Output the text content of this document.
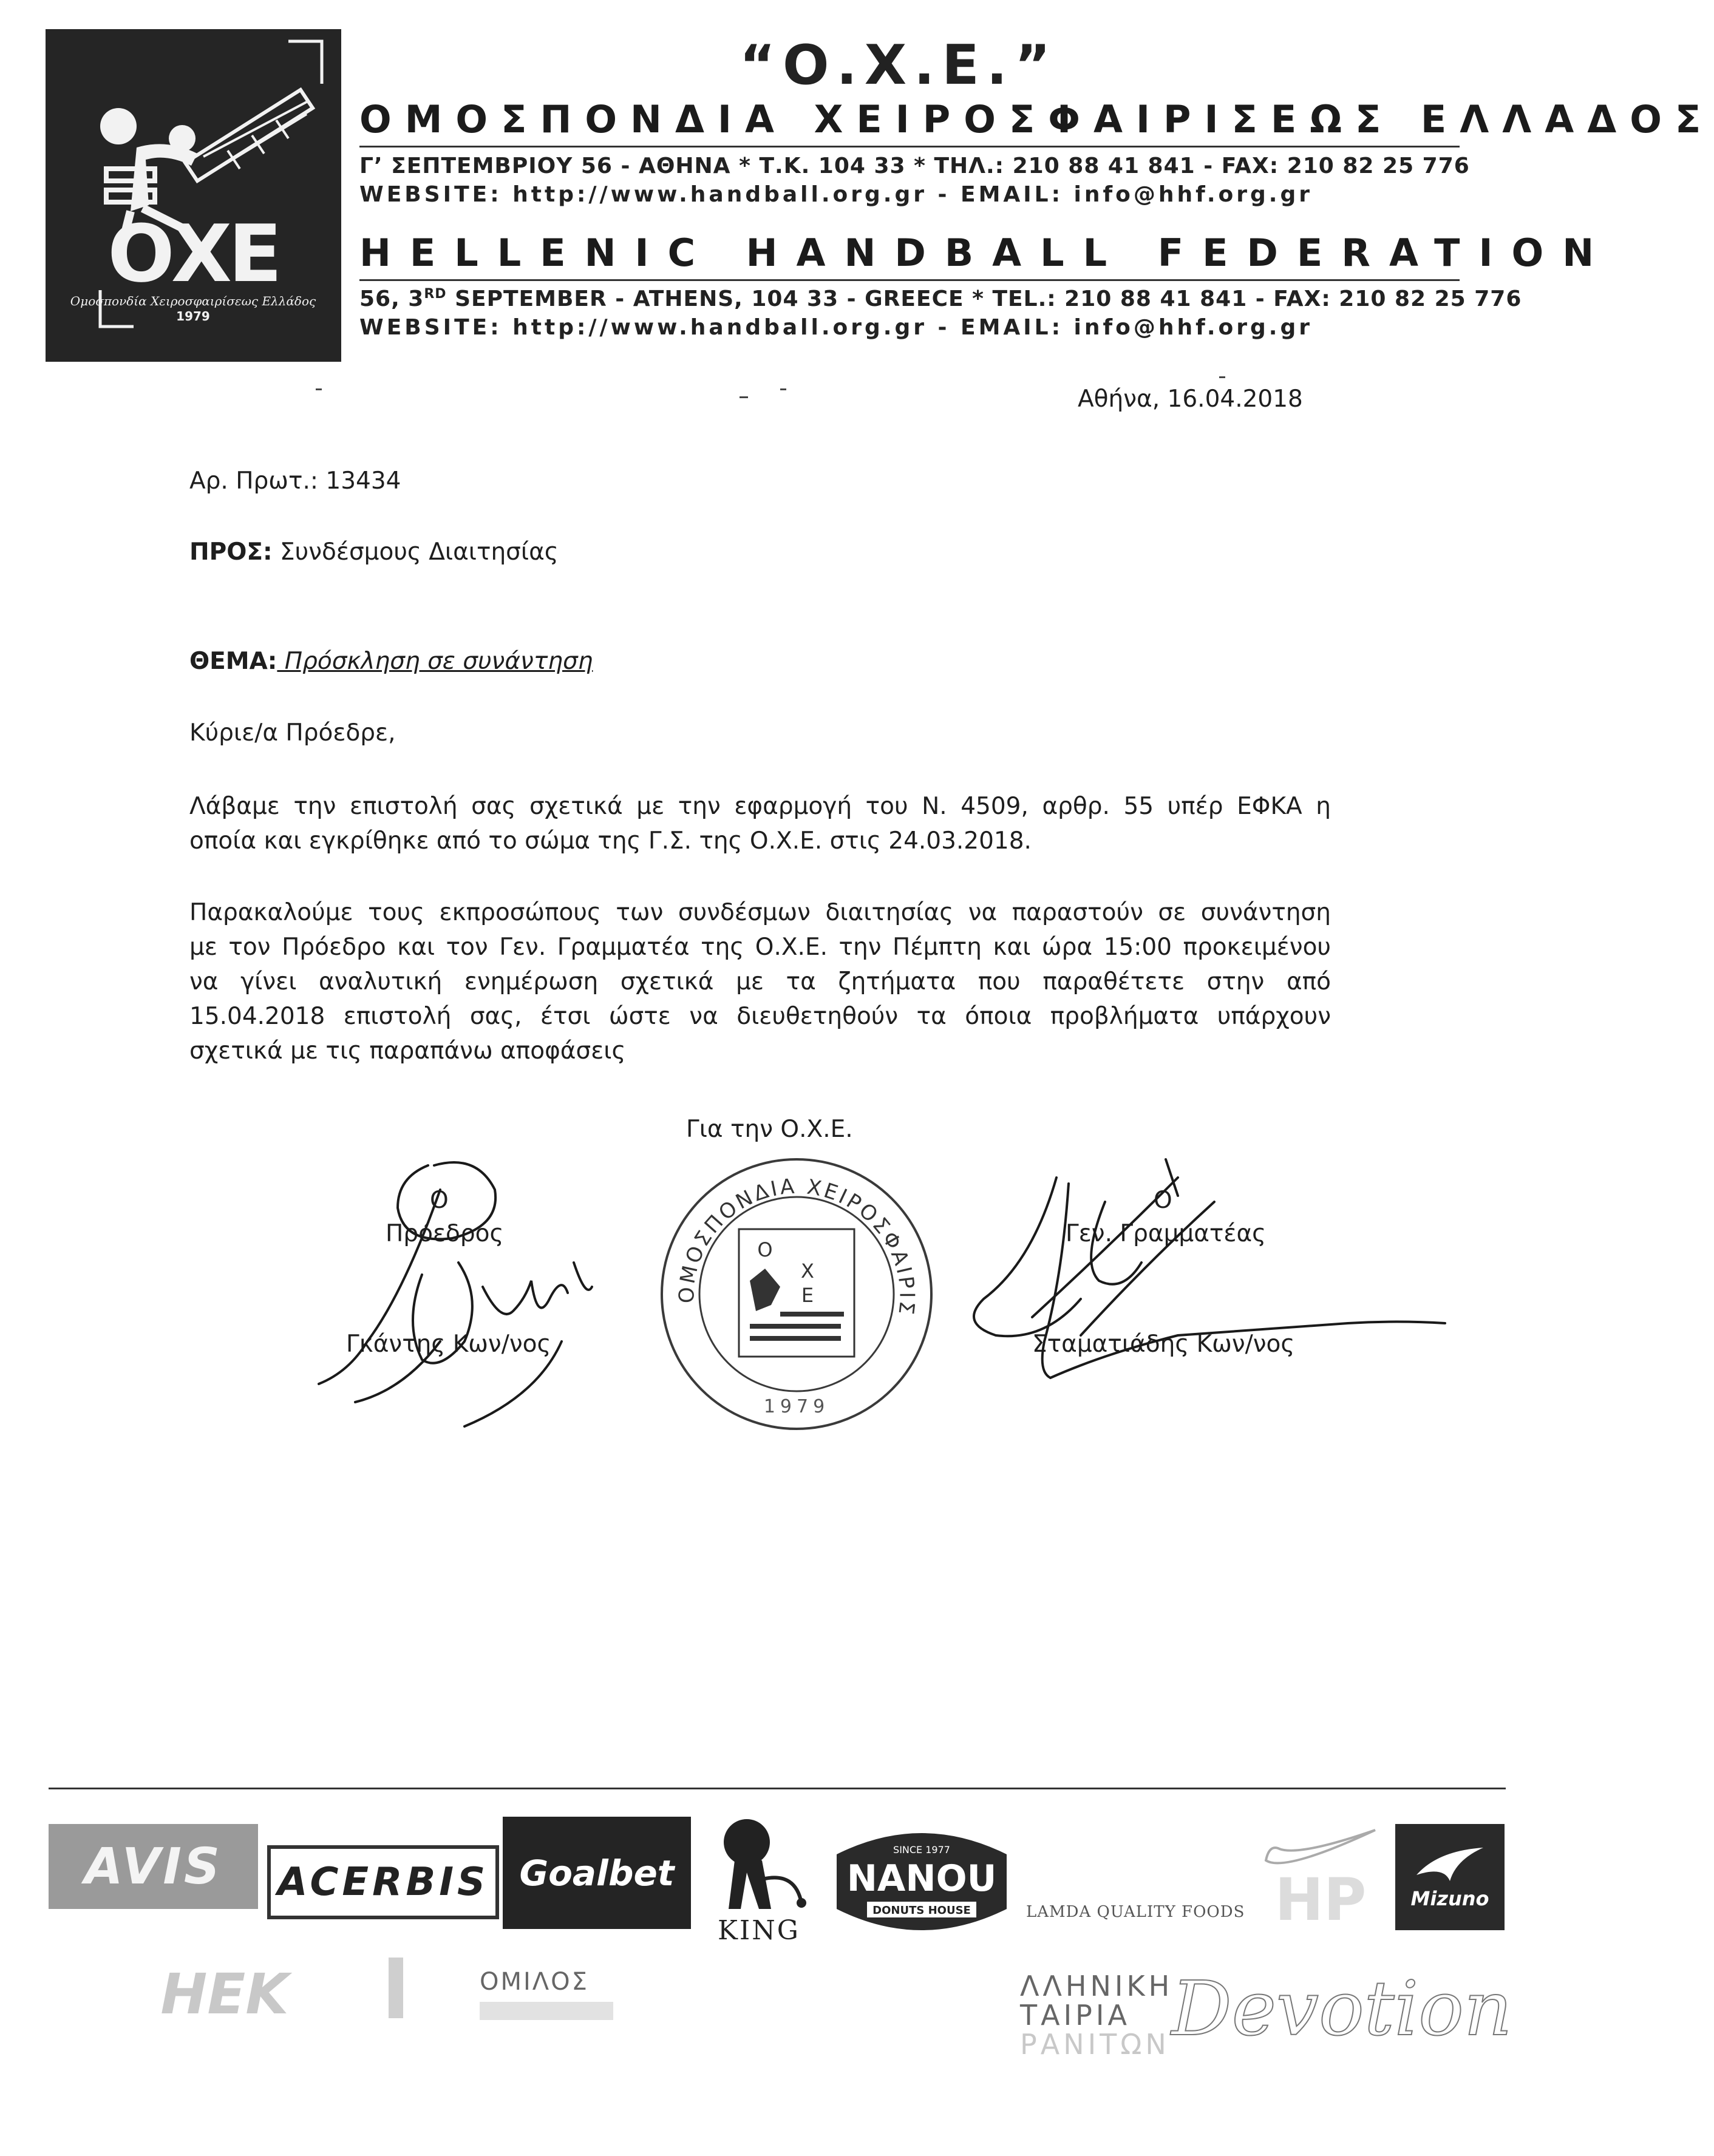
ΟΧΕ
Ομοσπονδία Χειροσφαιρίσεως Ελλάδος
1979
“Ο.Χ.Ε.”
ΟΜΟΣΠΟΝΔΙΑ ΧΕΙΡΟΣΦΑΙΡΙΣΕΩΣ ΕΛΛΑΔΟΣ
Γ’ ΣΕΠΤΕΜΒΡΙΟΥ 56 - ΑΘΗΝΑ * Τ.Κ. 104 33 * ΤΗΛ.: 210 88 41 841 - FAX: 210 82 25 776
WEBSITE: http://www.handball.org.gr - EMAIL: info@hhf.org.gr
HELLENIC HANDBALL FEDERATION
56, 3RD SEPTEMBER - ATHENS, 104 33 - GREECE * TEL.: 210 88 41 841 - FAX: 210 82 25 776
WEBSITE: http://www.handball.org.gr - EMAIL: info@hhf.org.gr
Αθήνα, 16.04.2018
Αρ. Πρωτ.: 13434
ΠΡΟΣ: Συνδέσμους Διαιτησίας
ΘΕΜΑ: Πρόσκληση σε συνάντηση
Κύριε/α Πρόεδρε,
Λάβαμε την επιστολή σας σχετικά με την εφαρμογή του Ν. 4509, αρθρ. 55 υπέρ ΕΦΚΑ η
οποία και εγκρίθηκε από το σώμα της Γ.Σ. της Ο.Χ.Ε. στις 24.03.2018.
Παρακαλούμε τους εκπροσώπους των συνδέσμων διαιτησίας να παραστούν σε συνάντηση
με τον Πρόεδρο και τον Γεν. Γραμματέα της Ο.Χ.Ε. την Πέμπτη και ώρα 15:00 προκειμένου
να γίνει αναλυτική ενημέρωση σχετικά με τα ζητήματα που παραθέτετε στην από
15.04.2018 επιστολή σας, έτσι ώστε να διευθετηθούν τα όποια προβλήματα υπάρχουν
σχετικά με τις παραπάνω αποφάσεις
Για την Ο.Χ.Ε.
ΟΜΟΣΠΟΝΔΙΑ ΧΕΙΡΟΣΦΑΙΡΙΣ
Ο
Χ
Ε
1979
Ο
Πρόεδρος
Γκάντης Κων/νος
Ο
Γεν. Γραμματέας
Σταματιάδης Κων/νος
AVIS	ACERBIS Goalbet
KING
SINCE 1977
NANOU
DONUTS HOUSE	LAMDA QUALITY FOODS HP	Mizuno
HEK	ΟΜΙΛΟΣ	ΛΛΗΝΙΚΗ
ΤΑΙΡΙΑ
ΡΑΝΙΤΩΝ Devotion
